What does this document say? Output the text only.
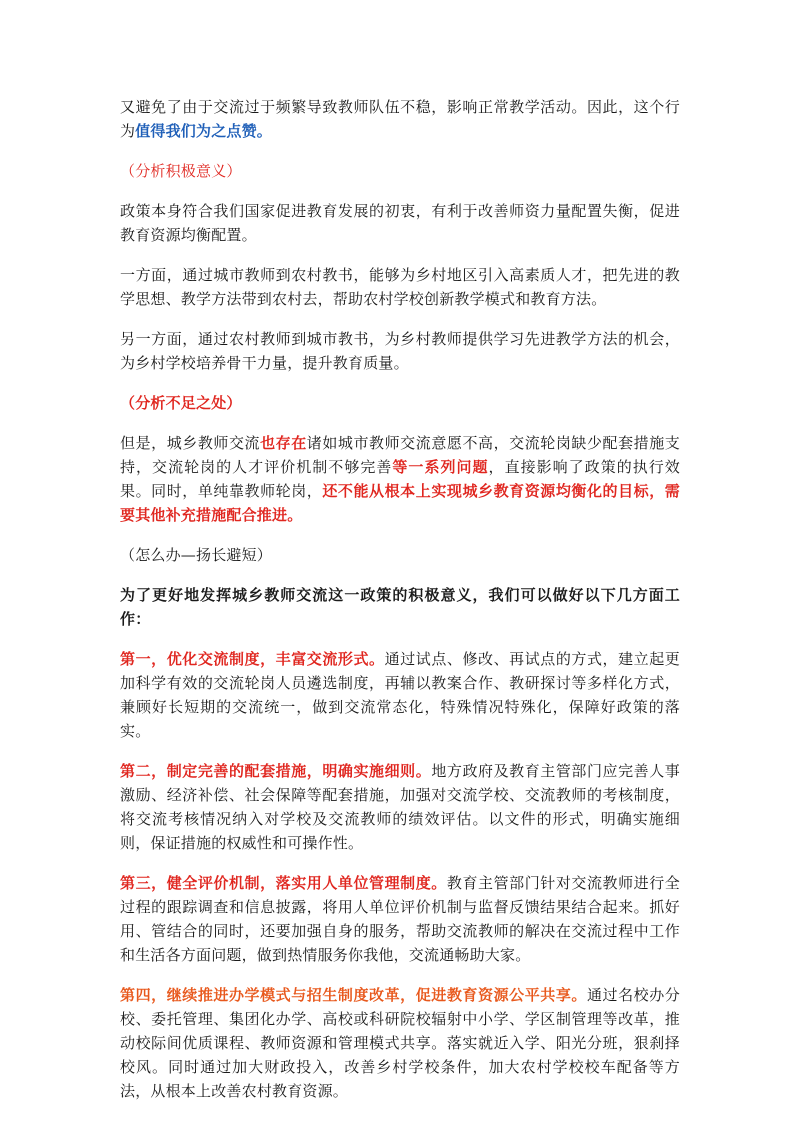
又避免了由于交流过于频繁导致教师队伍不稳，影响正常教学活动。因此，这个行为值得我们为之点赞。

（分析积极意义）

政策本身符合我们国家促进教育发展的初衷，有利于改善师资力量配置失衡，促进教育资源均衡配置。

一方面，通过城市教师到农村教书，能够为乡村地区引入高素质人才，把先进的教学思想、教学方法带到农村去，帮助农村学校创新教学模式和教育方法。

另一方面，通过农村教师到城市教书，为乡村教师提供学习先进教学方法的机会，为乡村学校培养骨干力量，提升教育质量。

（分析不足之处）

但是，城乡教师交流也存在诸如城市教师交流意愿不高，交流轮岗缺少配套措施支持，交流轮岗的人才评价机制不够完善等一系列问题，直接影响了政策的执行效果。同时，单纯靠教师轮岗，还不能从根本上实现城乡教育资源均衡化的目标，需要其他补充措施配合推进。

（怎么办—扬长避短）

为了更好地发挥城乡教师交流这一政策的积极意义，我们可以做好以下几方面工作：

第一，优化交流制度，丰富交流形式。通过试点、修改、再试点的方式，建立起更加科学有效的交流轮岗人员遴选制度，再辅以教案合作、教研探讨等多样化方式，兼顾好长短期的交流统一，做到交流常态化，特殊情况特殊化，保障好政策的落实。

第二，制定完善的配套措施，明确实施细则。地方政府及教育主管部门应完善人事激励、经济补偿、社会保障等配套措施，加强对交流学校、交流教师的考核制度，将交流考核情况纳入对学校及交流教师的绩效评估。以文件的形式，明确实施细则，保证措施的权威性和可操作性。

第三，健全评价机制，落实用人单位管理制度。教育主管部门针对交流教师进行全过程的跟踪调查和信息披露，将用人单位评价机制与监督反馈结果结合起来。抓好用、管结合的同时，还要加强自身的服务，帮助交流教师的解决在交流过程中工作和生活各方面问题，做到热情服务你我他，交流通畅助大家。

第四，继续推进办学模式与招生制度改革，促进教育资源公平共享。通过名校办分校、委托管理、集团化办学、高校或科研院校辐射中小学、学区制管理等改革，推动校际间优质课程、教师资源和管理模式共享。落实就近入学、阳光分班，狠刹择校风。同时通过加大财政投入，改善乡村学校条件，加大农村学校校车配备等方法，从根本上改善农村教育资源。
